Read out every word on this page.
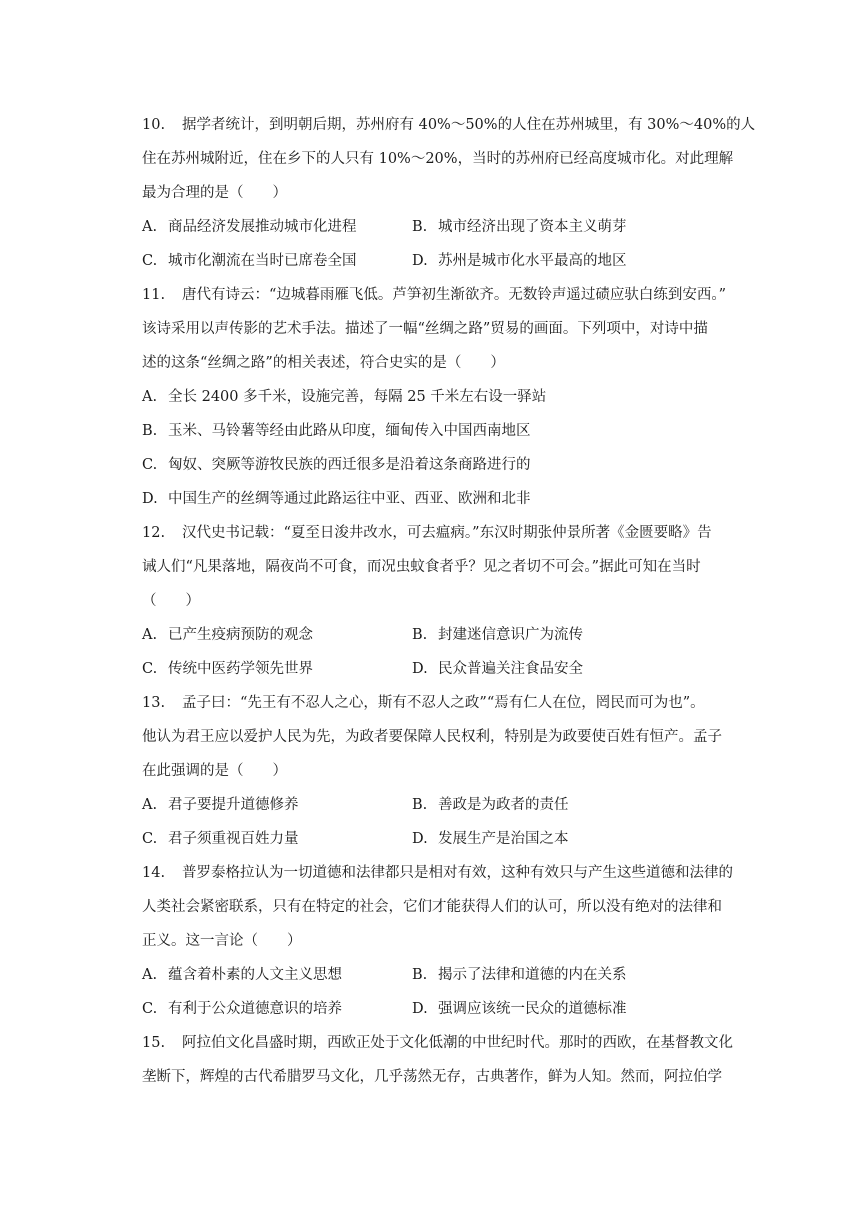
10. 据学者统计，到明朝后期，苏州府有 40%～50%的人住在苏州城里，有 30%～40%的人
住在苏州城附近，住在乡下的人只有 10%～20%，当时的苏州府已经高度城市化。对此理解
最为合理的是（　　）
A. 商品经济发展推动城市化进程	B. 城市经济出现了资本主义萌芽
C. 城市化潮流在当时已席卷全国	D. 苏州是城市化水平最高的地区
11. 唐代有诗云：“边城暮雨雁飞低。芦笋初生渐欲齐。无数铃声遥过碛应驮白练到安西。”
该诗采用以声传影的艺术手法。描述了一幅“丝绸之路”贸易的画面。下列项中，对诗中描
述的这条“丝绸之路”的相关表述，符合史实的是（　　）
A. 全长 2400 多千米，设施完善，每隔 25 千米左右设一驿站
B. 玉米、马铃薯等经由此路从印度，缅甸传入中国西南地区
C. 匈奴、突厥等游牧民族的西迁很多是沿着这条商路进行的
D. 中国生产的丝绸等通过此路运往中亚、西亚、欧洲和北非
12. 汉代史书记载：“夏至日浚井改水，可去瘟病。”东汉时期张仲景所著《金匮要略》告
诫人们“凡果落地，隔夜尚不可食，而况虫蚊食者乎？见之者切不可会。”据此可知在当时
（　　）
A. 已产生疫病预防的观念	B. 封建迷信意识广为流传
C. 传统中医药学领先世界	D. 民众普遍关注食品安全
13. 孟子曰：“先王有不忍人之心，斯有不忍人之政”“焉有仁人在位，罔民而可为也”。
他认为君王应以爱护人民为先，为政者要保障人民权利，特别是为政要使百姓有恒产。孟子
在此强调的是（　　）
A. 君子要提升道德修养	B. 善政是为政者的责任
C. 君子须重视百姓力量	D. 发展生产是治国之本
14. 普罗泰格拉认为一切道德和法律都只是相对有效，这种有效只与产生这些道德和法律的
人类社会紧密联系，只有在特定的社会，它们才能获得人们的认可，所以没有绝对的法律和
正义。这一言论（　　）
A. 蕴含着朴素的人文主义思想	B. 揭示了法律和道德的内在关系
C. 有利于公众道德意识的培养	D. 强调应该统一民众的道德标准
15. 阿拉伯文化昌盛时期，西欧正处于文化低潮的中世纪时代。那时的西欧，在基督教文化
垄断下，辉煌的古代希腊罗马文化，几乎荡然无存，古典著作，鲜为人知。然而，阿拉伯学
